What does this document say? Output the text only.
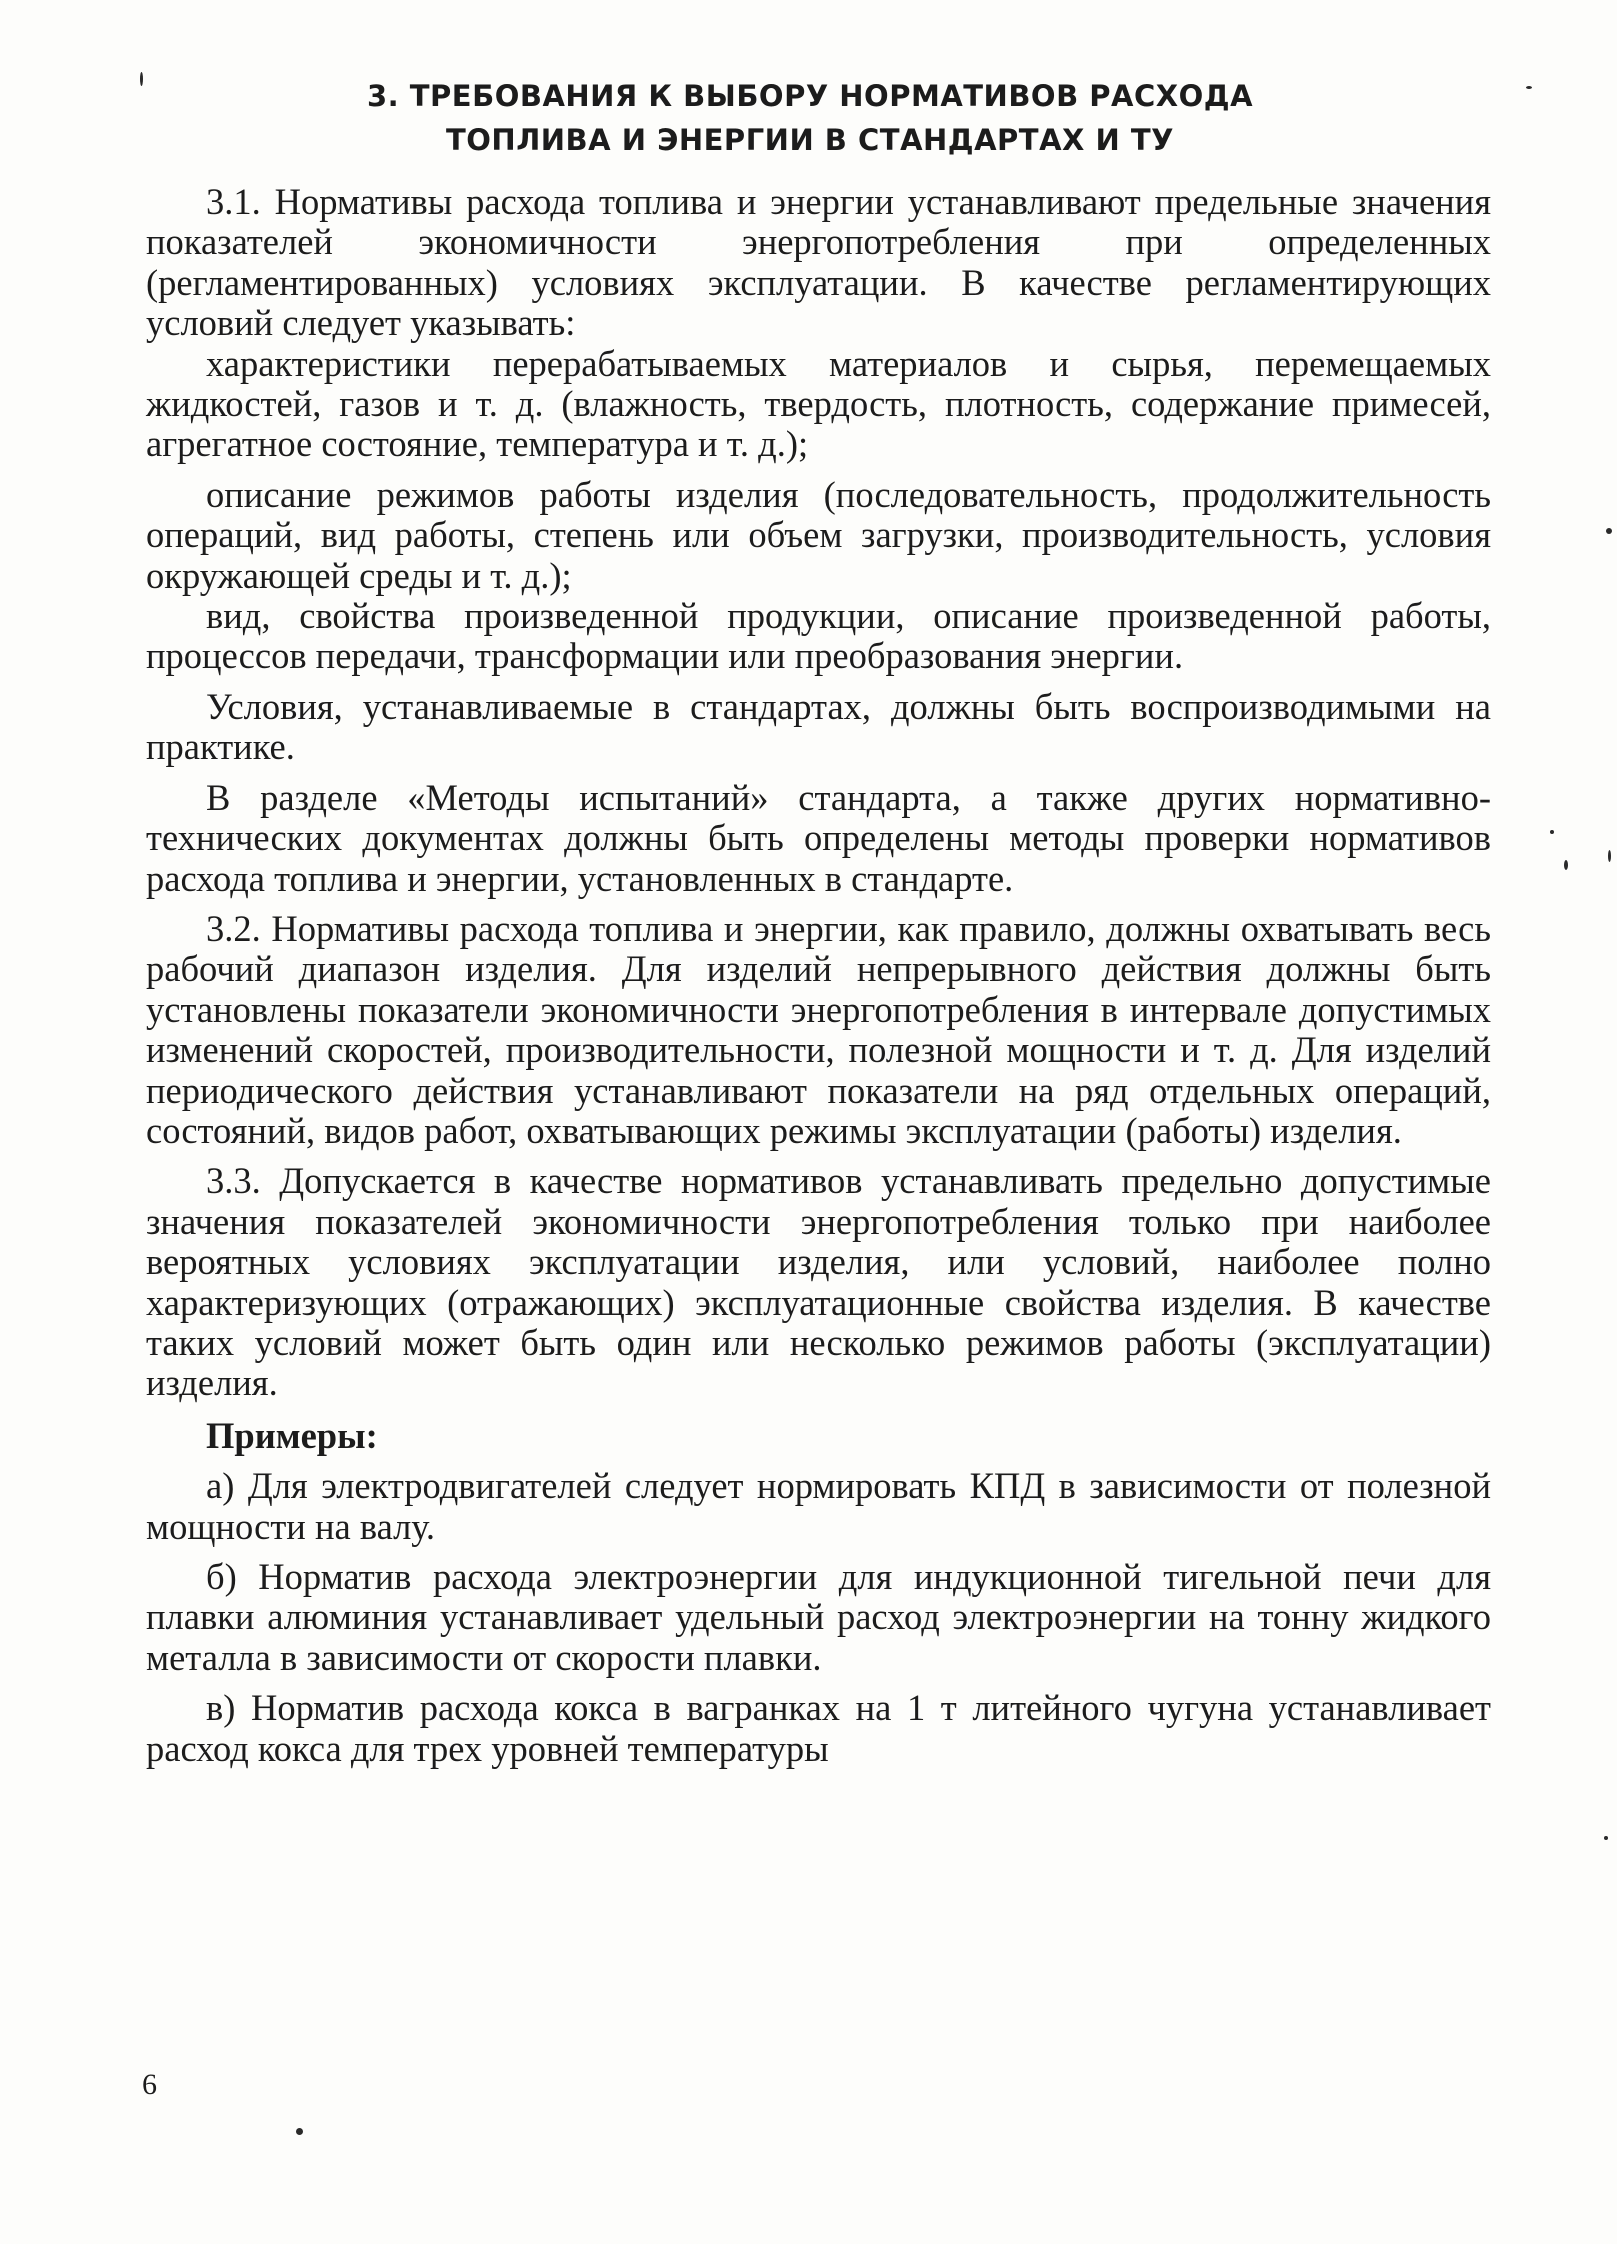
3. ТРЕБОВАНИЯ К ВЫБОРУ НОРМАТИВОВ РАСХОДА
ТОПЛИВА И ЭНЕРГИИ В СТАНДАРТАХ И ТУ

3.1. Нормативы расхода топлива и энергии устанавливают предельные значения показателей экономичности энергопотребления при определенных (регламентированных) условиях эксплуатации. В качестве регламентирующих условий следует указывать:

характеристики перерабатываемых материалов и сырья, перемещаемых жидкостей, газов и т. д. (влажность, твердость, плотность, содержание примесей, агрегатное состояние, температура и т. д.);

описание режимов работы изделия (последовательность, продолжительность операций, вид работы, степень или объем загрузки, производительность, условия окружающей среды и т. д.);

вид, свойства произведенной продукции, описание произведенной работы, процессов передачи, трансформации или преобразования энергии.

Условия, устанавливаемые в стандартах, должны быть воспроизводимыми на практике.

В разделе «Методы испытаний» стандарта, а также других нормативно-технических документах должны быть определены методы проверки нормативов расхода топлива и энергии, установленных в стандарте.

3.2. Нормативы расхода топлива и энергии, как правило, должны охватывать весь рабочий диапазон изделия. Для изделий непрерывного действия должны быть установлены показатели экономичности энергопотребления в интервале допустимых изменений скоростей, производительности, полезной мощности и т. д. Для изделий периодического действия устанавливают показатели на ряд отдельных операций, состояний, видов работ, охватывающих режимы эксплуатации (работы) изделия.

3.3. Допускается в качестве нормативов устанавливать предельно допустимые значения показателей экономичности энергопотребления только при наиболее вероятных условиях эксплуатации изделия, или условий, наиболее полно характеризующих (отражающих) эксплуатационные свойства изделия. В качестве таких условий может быть один или несколько режимов работы (эксплуатации) изделия.

Примеры:

а) Для электродвигателей следует нормировать КПД в зависимости от полезной мощности на валу.

б) Норматив расхода электроэнергии для индукционной тигельной печи для плавки алюминия устанавливает удельный расход электроэнергии на тонну жидкого металла в зависимости от скорости плавки.

в) Норматив расхода кокса в вагранках на 1 т литейного чугуна устанавливает расход кокса для трех уровней температуры

6
